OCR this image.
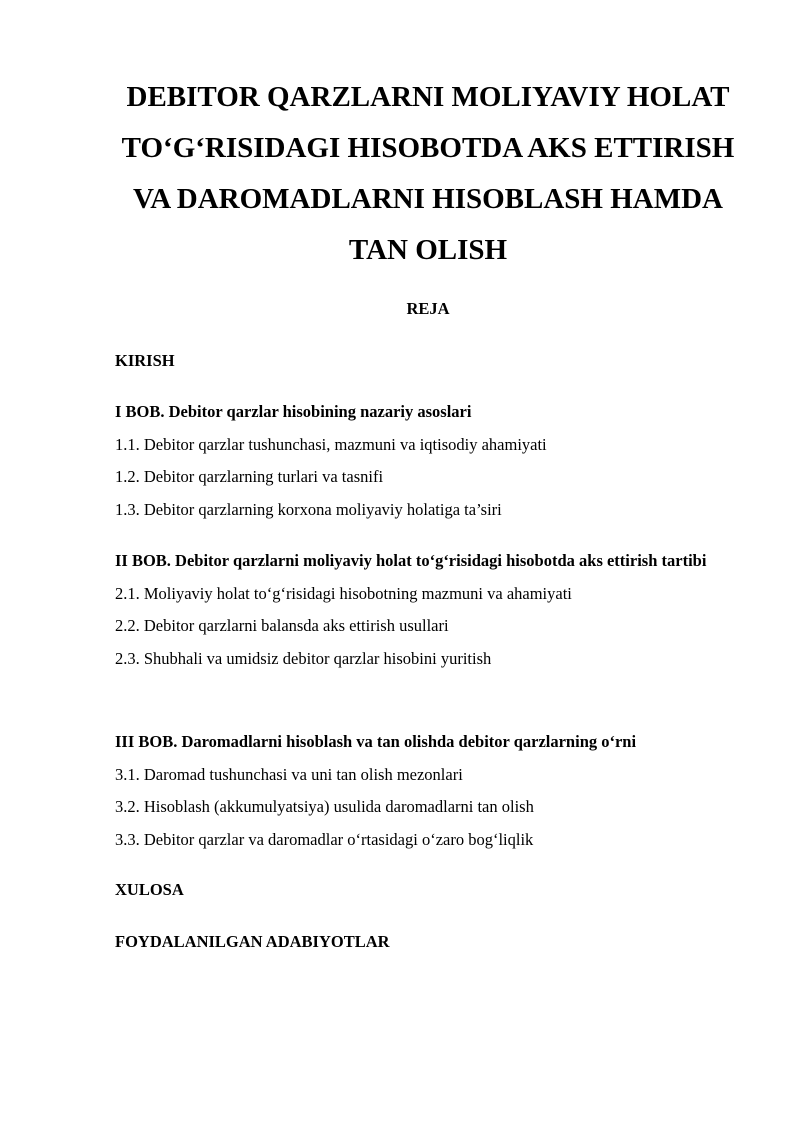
DEBITOR QARZLARNI MOLIYAVIY HOLAT
TO‘G‘RISIDAGI HISOBOTDA AKS ETTIRISH
VA DAROMADLARNI HISOBLASH HAMDA
TAN OLISH
REJA
KIRISH
I BOB. Debitor qarzlar hisobining nazariy asoslari
1.1. Debitor qarzlar tushunchasi, mazmuni va iqtisodiy ahamiyati
1.2. Debitor qarzlarning turlari va tasnifi
1.3. Debitor qarzlarning korxona moliyaviy holatiga ta’siri
II BOB. Debitor qarzlarni moliyaviy holat to‘g‘risidagi hisobotda aks ettirish tartibi
2.1. Moliyaviy holat to‘g‘risidagi hisobotning mazmuni va ahamiyati
2.2. Debitor qarzlarni balansda aks ettirish usullari
2.3. Shubhali va umidsiz debitor qarzlar hisobini yuritish
III BOB. Daromadlarni hisoblash va tan olishda debitor qarzlarning o‘rni
3.1. Daromad tushunchasi va uni tan olish mezonlari
3.2. Hisoblash (akkumulyatsiya) usulida daromadlarni tan olish
3.3. Debitor qarzlar va daromadlar o‘rtasidagi o‘zaro bog‘liqlik
XULOSA
FOYDALANILGAN ADABIYOTLAR
